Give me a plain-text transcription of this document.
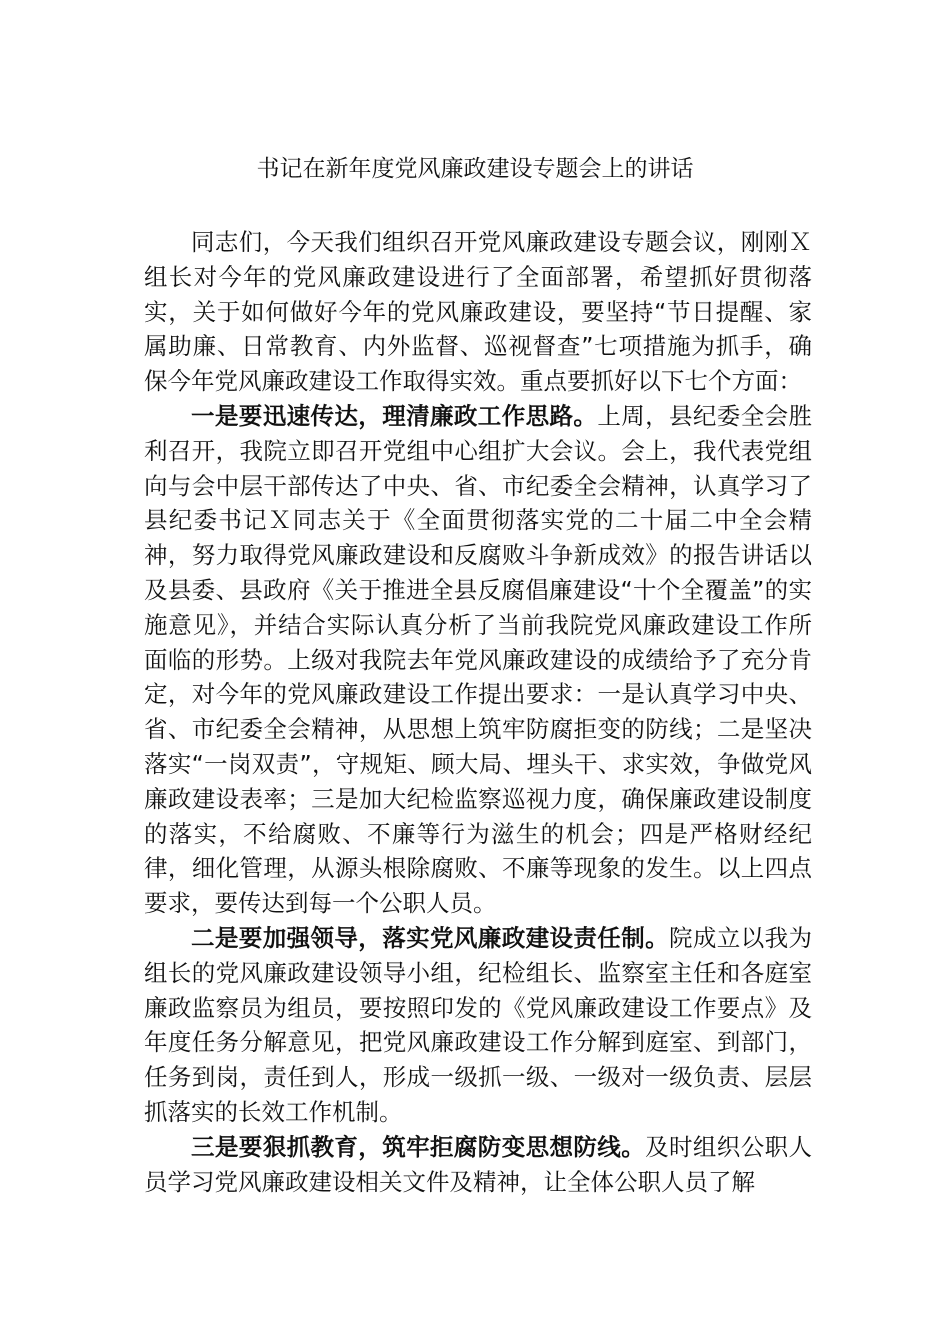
书记在新年度党风廉政建设专题会上的讲话

同志们，今天我们组织召开党风廉政建设专题会议，刚刚Ｘ组长对今年的党风廉政建设进行了全面部署，希望抓好贯彻落实，关于如何做好今年的党风廉政建设，要坚持“节日提醒、家属助廉、日常教育、内外监督、巡视督查”七项措施为抓手，确保今年党风廉政建设工作取得实效。重点要抓好以下七个方面：

一是要迅速传达，理清廉政工作思路。上周，县纪委全会胜利召开，我院立即召开党组中心组扩大会议。会上，我代表党组向与会中层干部传达了中央、省、市纪委全会精神，认真学习了县纪委书记Ｘ同志关于《全面贯彻落实党的二十届二中全会精神，努力取得党风廉政建设和反腐败斗争新成效》的报告讲话以及县委、县政府《关于推进全县反腐倡廉建设“十个全覆盖”的实施意见》，并结合实际认真分析了当前我院党风廉政建设工作所面临的形势。上级对我院去年党风廉政建设的成绩给予了充分肯定，对今年的党风廉政建设工作提出要求：一是认真学习中央、省、市纪委全会精神，从思想上筑牢防腐拒变的防线；二是坚决落实“一岗双责”，守规矩、顾大局、埋头干、求实效，争做党风廉政建设表率；三是加大纪检监察巡视力度，确保廉政建设制度的落实，不给腐败、不廉等行为滋生的机会；四是严格财经纪律，细化管理，从源头根除腐败、不廉等现象的发生。以上四点要求，要传达到每一个公职人员。

二是要加强领导，落实党风廉政建设责任制。院成立以我为组长的党风廉政建设领导小组，纪检组长、监察室主任和各庭室廉政监察员为组员，要按照印发的《党风廉政建设工作要点》及年度任务分解意见，把党风廉政建设工作分解到庭室、到部门，任务到岗，责任到人，形成一级抓一级、一级对一级负责、层层抓落实的长效工作机制。

三是要狠抓教育，筑牢拒腐防变思想防线。及时组织公职人员学习党风廉政建设相关文件及精神，让全体公职人员了解
